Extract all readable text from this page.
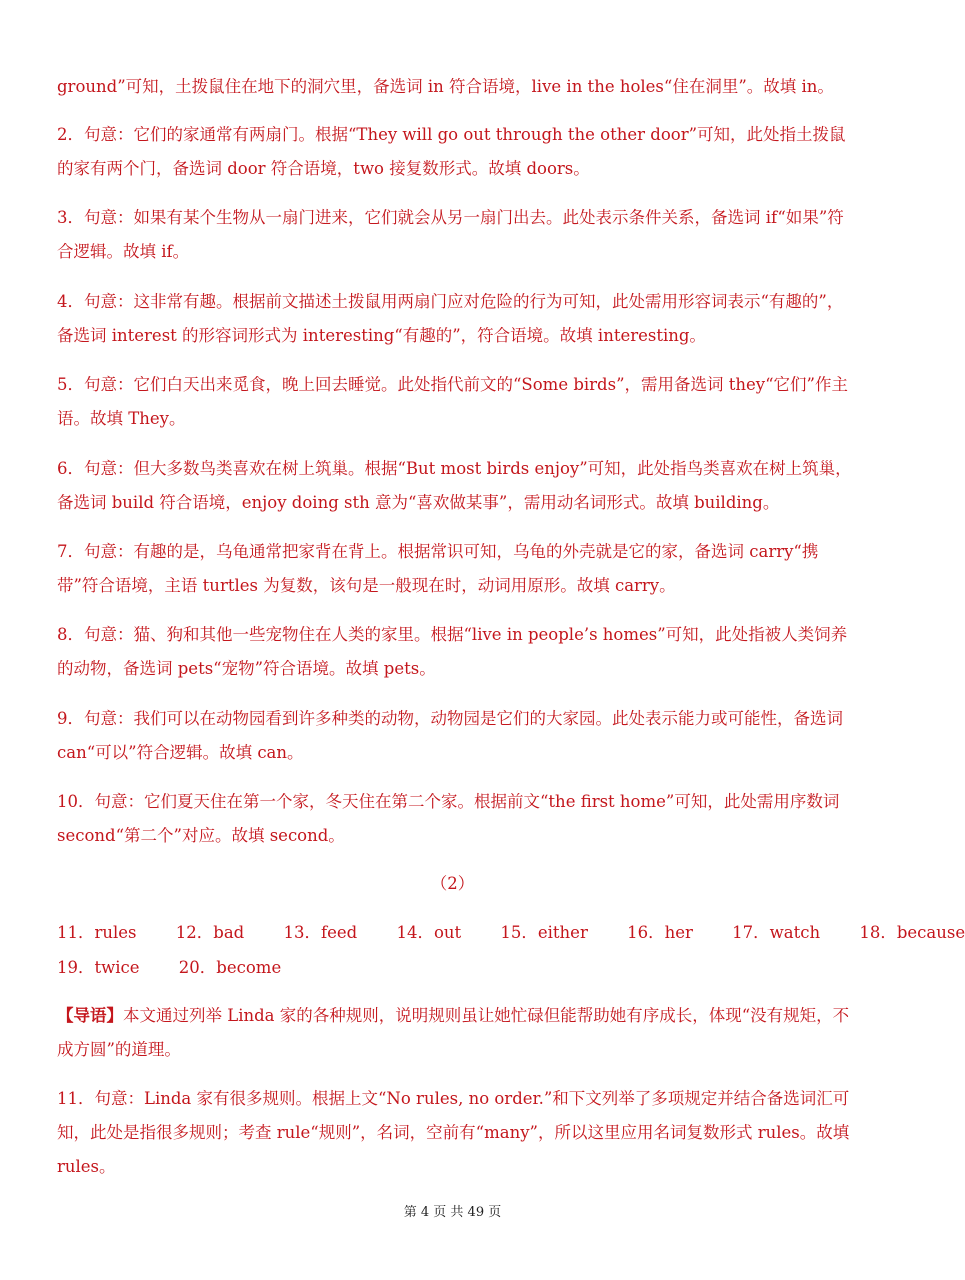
ground”可知，土拨鼠住在地下的洞穴里，备选词 in 符合语境，live in the holes“住在洞里”。故填 in。

2．句意：它们的家通常有两扇门。根据“They will go out through the other door”可知，此处指土拨鼠的家有两个门，备选词 door 符合语境，two 接复数形式。故填 doors。

3．句意：如果有某个生物从一扇门进来，它们就会从另一扇门出去。此处表示条件关系，备选词 if“如果”符合逻辑。故填 if。

4．句意：这非常有趣。根据前文描述土拨鼠用两扇门应对危险的行为可知，此处需用形容词表示“有趣的”，备选词 interest 的形容词形式为 interesting“有趣的”，符合语境。故填 interesting。

5．句意：它们白天出来觅食，晚上回去睡觉。此处指代前文的“Some birds”，需用备选词 they“它们”作主语。故填 They。

6．句意：但大多数鸟类喜欢在树上筑巢。根据“But most birds enjoy”可知，此处指鸟类喜欢在树上筑巢，备选词 build 符合语境，enjoy doing sth 意为“喜欢做某事”，需用动名词形式。故填 building。

7．句意：有趣的是，乌龟通常把家背在背上。根据常识可知，乌龟的外壳就是它的家，备选词 carry“携带”符合语境，主语 turtles 为复数，该句是一般现在时，动词用原形。故填 carry。

8．句意：猫、狗和其他一些宠物住在人类的家里。根据“live in people’s homes”可知，此处指被人类饲养的动物，备选词 pets“宠物”符合语境。故填 pets。

9．句意：我们可以在动物园看到许多种类的动物，动物园是它们的大家园。此处表示能力或可能性，备选词 can“可以”符合逻辑。故填 can。

10．句意：它们夏天住在第一个家，冬天住在第二个家。根据前文“the first home”可知，此处需用序数词 second“第二个”对应。故填 second。

（2）
11．rules 12．bad 13．feed 14．out 15．either 16．her 17．watch 18．because
19．twice 20．become

【导语】本文通过列举 Linda 家的各种规则，说明规则虽让她忙碌但能帮助她有序成长，体现“没有规矩，不成方圆”的道理。

11．句意：Linda 家有很多规则。根据上文“No rules, no order.”和下文列举了多项规定并结合备选词汇可知，此处是指很多规则；考查 rule“规则”，名词，空前有“many”，所以这里应用名词复数形式 rules。故填 rules。

第 4 页 共 49 页
